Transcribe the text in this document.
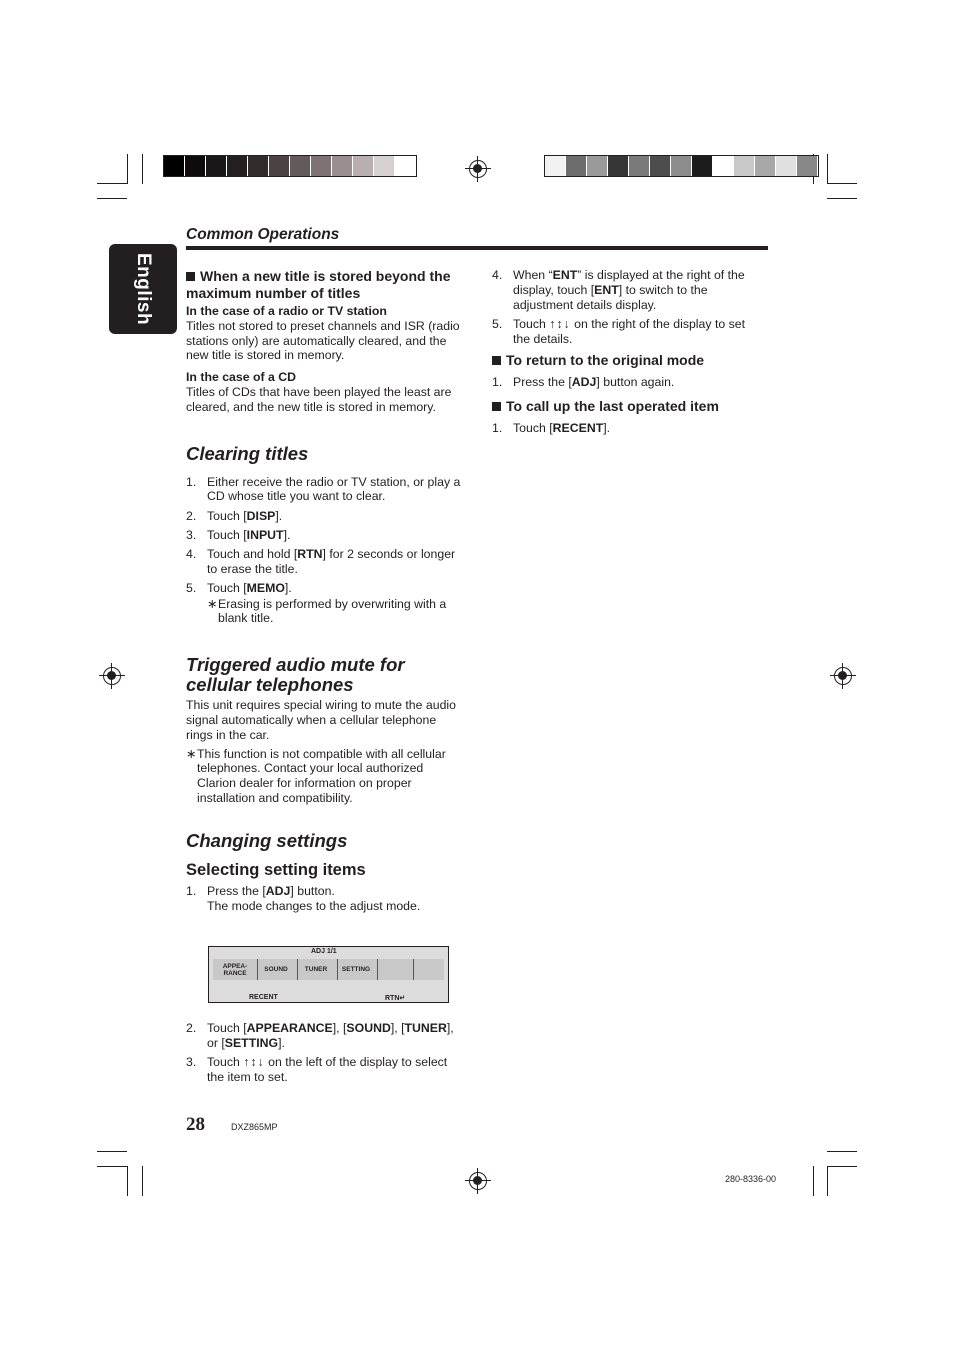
English
Common Operations

When a new title is stored beyond the maximum number of titles

In the case of a radio or TV station

Titles not stored to preset channels and ISR (radio stations only) are automatically cleared, and the new title is stored in memory.

In the case of a CD

Titles of CDs that have been played the least are cleared, and the new title is stored in memory.

Clearing titles

1. Either receive the radio or TV station, or play a CD whose title you want to clear.
2. Touch [DISP].
3. Touch [INPUT].
4. Touch and hold [RTN] for 2 seconds or longer to erase the title.
5. Touch [MEMO].
∗ Erasing is performed by overwriting with a blank title.

Triggered audio mute for

cellular telephones

This unit requires special wiring to mute the audio signal automatically when a cellular telephone rings in the car.

∗ This function is not compatible with all cellular telephones. Contact your local authorized Clarion dealer for information on proper installation and compatibility.

Changing settings

Selecting setting items

1. Press the [ADJ] button.
The mode changes to the adjust mode.
ADJ 1/1
APPEA-
RANCE	SOUND	TUNER	SETTING
RECENT	RTN↵
2. Touch [APPEARANCE], [SOUND], [TUNER], or [SETTING].
3. Touch ↑↕↓ on the left of the display to select the item to set.
4. When “ENT” is displayed at the right of the display, touch [ENT] to switch to the adjustment details display.
5. Touch ↑↕↓ on the right of the display to set the details.

To return to the original mode

1. Press the [ADJ] button again.

To call up the last operated item

1. Touch [RECENT].
28	DXZ865MP
280-8336-00
